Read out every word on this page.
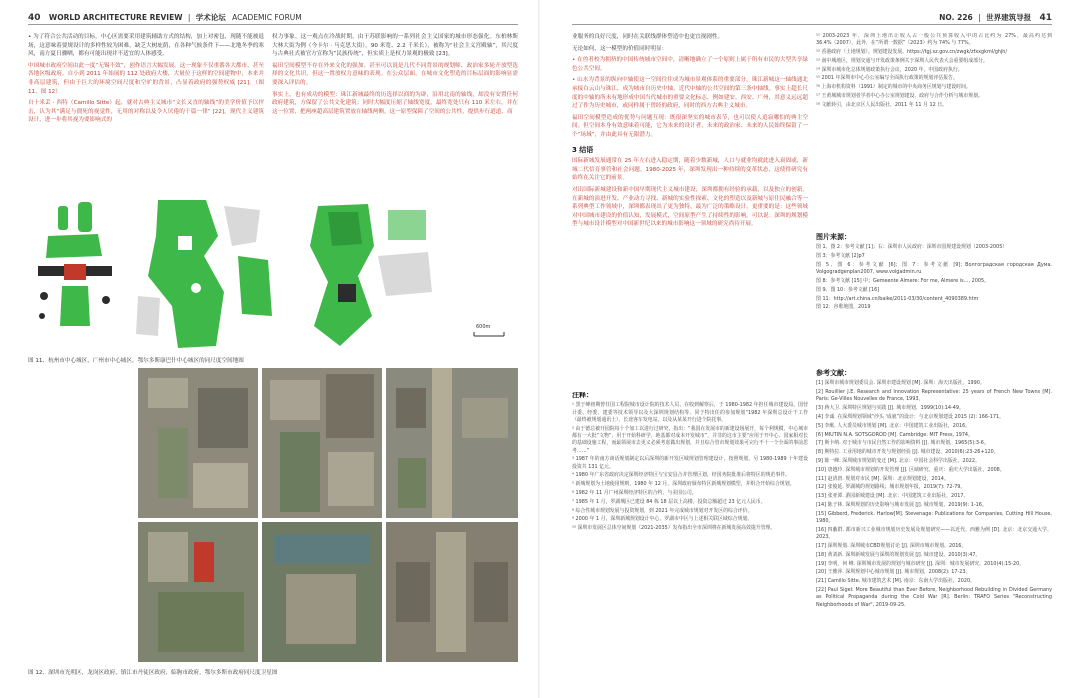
40 WORLD ARCHITECTURE REVIEW | 学术论坛 ACADEMIC FORUM

• 为了符合公共活动的目标，中心区需要采用建筑辅助方式的结构，加上对密包，现随不能被退场，这意味着要规设计的多样性较为困难。缺乏大树庇荫，在各种气候条件下——北地冬季的寒风，南方夏日骤晒，都有可能出现并不适宜的人体感受。

中国城市政府空间由此一度“无锡不效”，创作语言大幅发展。这一现象不仅重番各大都市，甚至各地区级政府。自小到 2011 年始展的 112 处政府大楼，大量位于这样的空间建物中，本来并非高层建筑，但由于巨大的环境空间尺度和空旷的背景，凸显着政府的强势权威 [21]。（图 11、图 12）

自十米丢 · 西特（Camillo Sitte）起，就对古典主义城市“文长又直的轴线”的美学价值予以抨击，认为其“满足与僵死的视觉性，无用的对称以及令人厌倦的千篇一律” [22]。现代主义建筑设计，进一步将其视为要影响式的

权力事象。这一观点在冷战时期，由于苏联影响的一系列社会主义国家的城市形态强化。东柏林斯大林大街为例（今卡尔 · 马克思大街），90 米宽、2.2 千米长），被称为“社会主义宫殿轴”，其尺度与古典社式被官方宣称为“民族传统”，但实质上是权力景观的极致 [23]。

福田空间模型不存在外来文化的强加。甚至可以说是几代不同背景的规划师、政治家多轮开放型选择的文化共识，但这一置放权力意味的表现。在公众层面，在城市文化塑造的目标层面的影响显需要深入评估的。

事实上，也有成功的模型：珠江新城最终的历选择以商的为辟，沿用北南的轴线，却没有安置任何政府建筑，方保留了公共文化建筑；同时大幅度压缩了轴线宽度，最终宽处只有 110 米左右，并在这一位置，把两座超高层建筑置放在轴线两侧。这一原型保障了空间的公共性，提供步行道道、商

600m
图 11、杭州市中心城区，广州市中心城区，鄂尔多斯康巴什中心城区的同尺度空间地图
图 12、深圳市光明区，龙岗区政府，镇江市丹徒区政府，临朐市政府，鄂尔多斯市政府同尺度卫星图
NO. 226 | 世界建筑导报 41

业服务的良好尺度，同时在关联线群体塑造中也更宜视剧性。

无论如何，这一模型的价值同时明显：

• 在兽者校为拥挤的中国传统城市空间中，清晰地确立了一个原则上属于所有市民的大型共享绿色公共空间。

• 山水为背景的纵向中轴使这一空间往往成为城市景观体系的重要部分。珠江新城这一轴线通北承接白云山与珠江，成为城市自历史中轴。近代中轴的公共空间的第三条中轴线。事实上超长尺度的中轴的所未有地形成中国当代城市的重要文化标志。例如建安、西安、广州，其意义远远超过了作为历史城市，或同样属于曾经的政府，同时的西方古典主义城市。

福田空间模型造成的优势与问题互现：既很深坚实的城市表节，也可以使人追寂哪怕的典主空间。但空间本身有效意味着可能，它为未来的设计者，未来的政治家、未来的人民始终保留了一个“场域”，并由此具有无限潜力。

3 结语

国际新城发展通常在 25 年左右进入稳定期，随着少数新城，人口与就业均就此进入衰固或，新城二代信育事管和社会问题。1980-2025 年，深圳发现出一种持续的变革状态，这使得研究有始终在关注它的前景。

对出国际新城建设和新中国早期现代主义城市建设，深圳都拥有经验的承载，以及独立的创新。在新城的演进开发、产业动力寻找、新城的实验性探索、文化的塑造以及新城与原住民融合等一系列典型工作领域中，深圳都表现出了更为独特，最为广泛的策略设计。更重要的是：这些领域对中国城市建设的价值认知，发展模式，空间原型产生了持续性的影响。可以说：深圳的规划模型与城市设计模型对中国新世纪以来的城市影响这一领域的研究尚待开展。

注释：

¹ 黑于峰初期曾任国工程院城市设计院的技术人员，在收到解察后，于 1980-1982 年担任城市建设局、国营计委、经委、建委等技术领导以及大深圳规划结构等，同于特出任的参加规划“1982 年深圳总设计干工作（最终被规划通讯土），长途客车发电站，以及从某某开行进个院托事。

² 由于德总被开园院每十个加工以进行过研究，指出：“我国在发展市的新建设场展开，每个利规模，中心城市都有一大批“文物”，用于开始科研学，地基都对成本开发城市”，并非的这市主要“应用于开中心，国家相对长的基础设施工程，而最领展市去更义必须考虑做出规划，并且综合管市规划效果可完行不十一个全面的事前思考……”

³ 1987 年的南方谈话规划制定以后深圳的新开发区城规划管理建设计，按照规划，另 1980-1989 十年建设投资共 131 亿元。

⁴ 1980 年广东省政府决定深圳经济特区与宝安县合并管理区划，经国务院批准后将特区的规范事件。

⁵ 新城规划为土地使用规则，1980 年 12 月，深圳政府颁布特区新城规划模型，并组合开始综合规划。

⁶ 1982 年 11 月广州深圳经济特区的合约，与美国公司。

⁷ 1985 年 1 月，罗湖城区已建设 84 栋 18 层以上高楼，投资总额超过 23 亿元人民币。

⁸ 综合性城市规划发展与投资规划，到 2021 年完成城市规划对开发区的综合评价。

⁹ 2000 年 1 月，深圳新城规划设计中心，罗湖市中区与上述相关联区域综合规划。

¹⁰ 深圳市发展区总体空间规划（2021-2035）发布指出全市深圳将在新城发展高效提升管理。

¹¹ 2003-2023 年，深圳土地出让收入占一般公共预算收入中的占比约为 27%，最高约达到 36.4%（2007），此外，在“所谓一数据”（2023）约为 74% 与 77%。

¹² 香港政府（土地规划）。规划建设发展。https://tgj.sz.gov.cn/zwgk/zfxxgkml/ghjh/

¹³ 南中城地区，规划交通与开发政策条例关于深圳人民代表大会重要组成部分。

¹⁴ 深圳市城市化总体规划政策执行会议，2020 年，中国政府执行。

¹⁵ 2001 年深圳市中心办公室编写全面执行政策的规划评估报告。

¹⁶ 上海市机构资料（1991）制定的城市的中央商务区规划与建设时间。

¹⁷ 王黄城城市规划者学者中心办公室规划建设，政府与合作分析与城市规划。

¹⁸ 文献转引，由北京区人民出版社，2011 年 11 月 12 日。

图片来源：

图 1、图 2：参考文献 [1]；右：深圳市人民政府：深圳市国规建设规划（2003-2005）

图 3：参考文献 [2]p7

图 5、图 6：参考文献 [6]；图 7：参考文献 [9]；Волгоградская городская Дума. Volgogradgenplan2007, www.volgadmin.ru

图 8：参考文献 [15] 中；Gemeente Almere: For me, Almere is…, 2005。

图 9、图 10：参考文献 [16]

图 11：http://art.china.cn/baike/2011-03/30/content_4090389.htm

图 12：谷歌地图，2019

参考文献：

[1] 深圳市城市规划委员会. 深圳市建设规划 [M]. 深圳：海天出版社，1990。

[2] Rouillier J.E. Research and Innovation Representative: 25 years of French New Towns [M]. Paris: Ge-Villes Nouvelles de France, 1993。

[3] 蒋大卫. 深圳特区规划与实践 [J]. 城市规划，1999(10):14-49。

[4] 李诚. 在深圳规划领域“沙头 '成就”的设计：与北京规划建设 2015 (2): 166-171。

[5] 李猷. 人大委员城市规划 [M]. 北京：中国建筑工业出版社，2016。

[6] MIUTIN N.A. SOTSGOROD [M]. Cambridge: MIT Press, 1974。

[7] 斯卡纳. 对于城市与市民自然工作的影响资料 [J]. 城市规划，1965(5):3-6。

[8] 斯特拉. 工业用地的城市开发与规划经验 [J]. 城市建设，2010(6):23-26+120。

[9] 陈一峰. 深圳城市规划的变迁 [M]. 北京：中国社会科学出版社，2022。

[10] 唐越玲. 深圳城市规划的开发管理 [J]. 区域研究，重庆：重庆大学出版社，2008。

[11] 赵清唐. 规划对市民 [M]. 深圳：北京规划建设，2014。

[12] 张俊延. 罗湖城的规划路线；城市规划年报，2019(7): 72-79。

[13] 张亚谭. 游园新城建设 [M]. 北京：中国建筑工业出版社，2017。

[14] 陈子林. 深圳规划的历史影响与城市发展 [J]. 城市规划，2019(9): 1-16。

[15] Gibberd, Frederick. Harlow[M]. Stevenage: Publications for Companies, Cutting Hill House, 1980。

[16] 四蔽群. 都市新兴工业城市规划历史发展及规划研究——以近代，西雅为例 [D]. 北京：北京交通大学，2023。

[17] 深圳规划. 深圳城市CBD规划讨论 [J]. 深圳市城市规划，2016。

[18] 黄刘新. 深圳新城发展与深圳的规划发展 [J]. 城市建设，2010(3):47。

[19] 李明，何 峰. 深圳城市发展的规划与城市研究 [J]. 深圳：城市发展研究，2010(4):15-20。

[20] 王雅萍. 深圳规划中心城市规划 [J]. 城市规划，2008(2): 17-23。

[21] Camillo Sitte. 城市建筑艺术 [M]. 南京：东南大学出版社，2020。

[22] Paul Sigel: More Beautiful than Ever Before, Neighborhood Rebuilding in Divided Germany as Political Propaganda during the Cold War [R]. Berlin: TRAFO Series "Reconstructing Neighborhoods of War", 2019-09-25.
